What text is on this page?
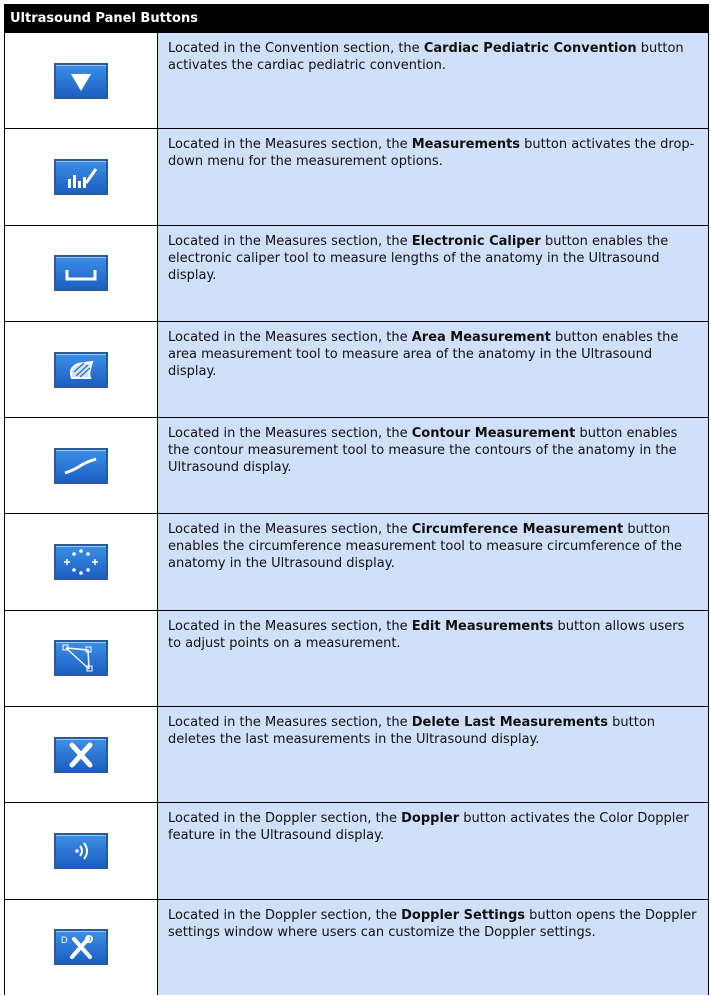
Ultrasound Panel Buttons
Located in the Convention section, the Cardiac Pediatric Convention button activates the cardiac pediatric convention.
Located in the Measures section, the Measurements button activates the drop-down menu for the measurement options.
Located in the Measures section, the Electronic Caliper button enables the electronic caliper tool to measure lengths of the anatomy in the Ultrasound display.
Located in the Measures section, the Area Measurement button enables the area measurement tool to measure area of the anatomy in the Ultrasound display.
Located in the Measures section, the Contour Measurement button enables the contour measurement tool to measure the contours of the anatomy in the Ultrasound display.
Located in the Measures section, the Circumference Measurement button enables the circumference measurement tool to measure circumference of the anatomy in the Ultrasound display.
Located in the Measures section, the Edit Measurements button allows users to adjust points on a measurement.
Located in the Measures section, the Delete Last Measurements button deletes the last measurements in the Ultrasound display.
Located in the Doppler section, the Doppler button activates the Color Doppler feature in the Ultrasound display.
D
Located in the Doppler section, the Doppler Settings button opens the Doppler settings window where users can customize the Doppler settings.
